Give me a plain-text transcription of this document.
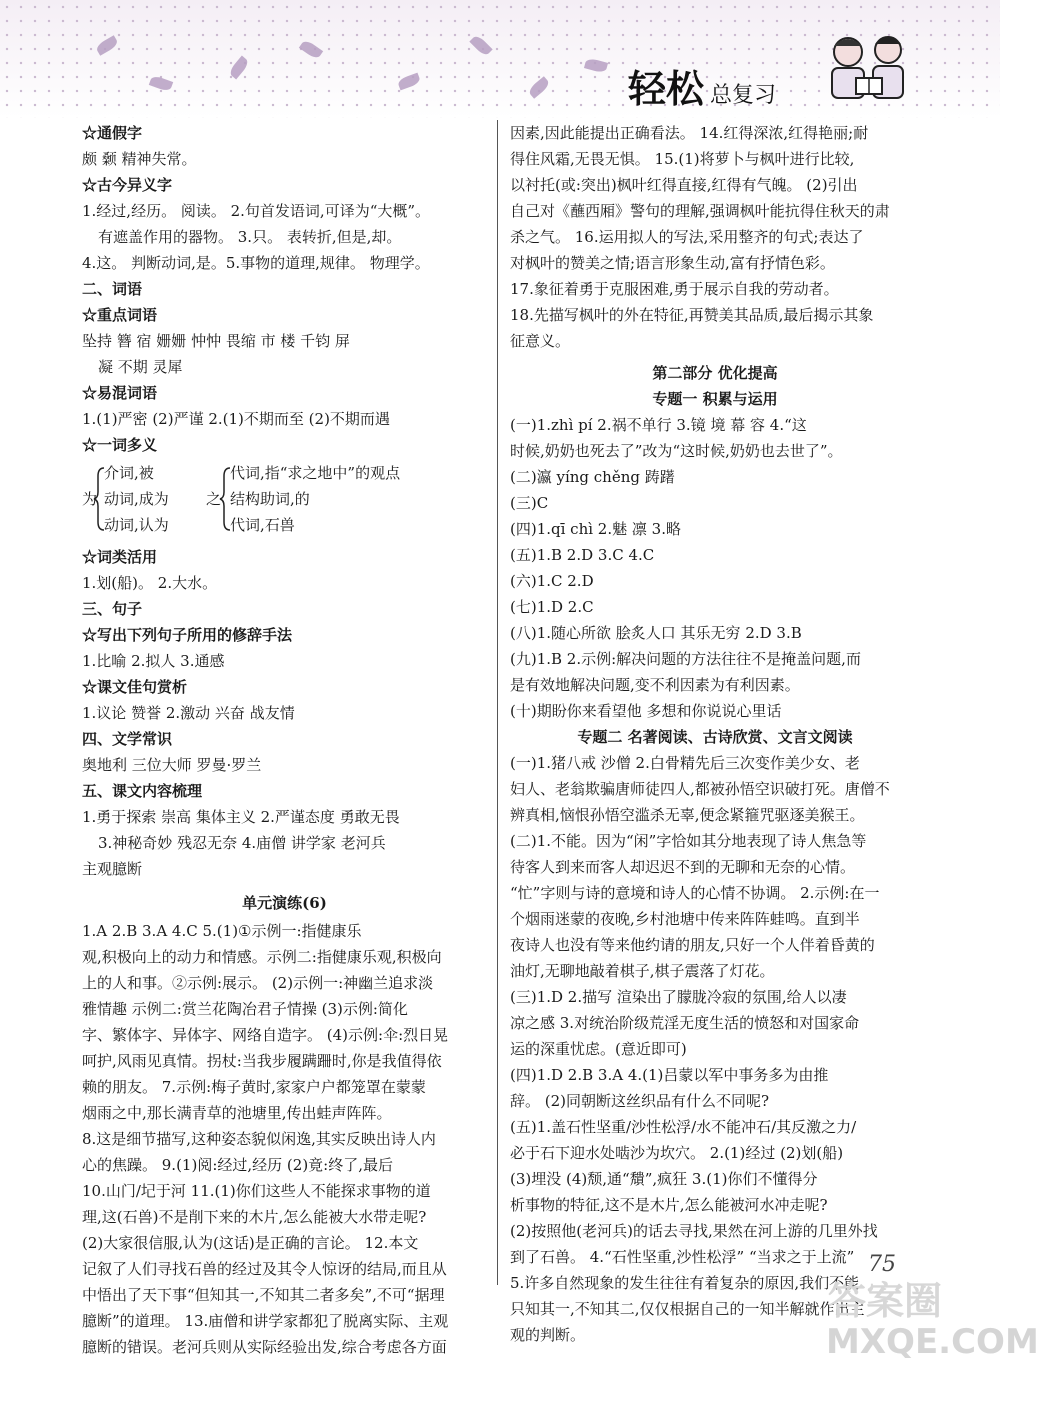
轻松 总复习

☆通假字

颇 颡 精神失常。

☆古今异义字

1.经过,经历。 阅读。 2.句首发语词,可译为“大概”。

有遮盖作用的器物。 3.只。 表转折,但是,却。

4.这。 判断动词,是。5.事物的道理,规律。 物理学。

二、词语

☆重点词语

坠持 簪 宿 姗姗 忡忡 畏缩 市 楼 千钧 屏

凝 不期 灵犀

☆易混词语

1.(1)严密 (2)严谨 2.(1)不期而至 (2)不期而遇

☆一词多义

为
介词,被
动词,成为
动词,认为
之
代词,指“求之地中”的观点
结构助词,的
代词,石兽

☆词类活用

1.划(船)。 2.大水。

三、句子

☆写出下列句子所用的修辞手法

1.比喻 2.拟人 3.通感

☆课文佳句赏析

1.议论 赞誉 2.激动 兴奋 战友情

四、文学常识

奥地利 三位大师 罗曼·罗兰

五、课文内容梳理

1.勇于探索 崇高 集体主义 2.严谨态度 勇敢无畏

3.神秘奇妙 残忍无奈 4.庙僧 讲学家 老河兵

主观臆断

单元演练(6)

1.A 2.B 3.A 4.C 5.(1)①示例一:指健康乐

观,积极向上的动力和情感。示例二:指健康乐观,积极向

上的人和事。②示例:展示。 (2)示例一:神幽兰追求淡

雅情趣 示例二:赏兰花陶冶君子情操 (3)示例:简化

字、繁体字、异体字、网络自造字。 (4)示例:伞:烈日晃

呵护,风雨见真情。拐杖:当我步履蹒跚时,你是我值得依

赖的朋友。 7.示例:梅子黄时,家家户户都笼罩在蒙蒙

烟雨之中,那长满青草的池塘里,传出蛙声阵阵。

8.这是细节描写,这种姿态貌似闲逸,其实反映出诗人内

心的焦躁。 9.(1)阅:经过,经历 (2)竟:终了,最后

10.山门/圮于河 11.(1)你们这些人不能探求事物的道

理,这(石兽)不是削下来的木片,怎么能被大水带走呢?

(2)大家很信服,认为(这话)是正确的言论。 12.本文

记叙了人们寻找石兽的经过及其令人惊讶的结局,而且从

中悟出了天下事“但知其一,不知其二者多矣”,不可“据理

臆断”的道理。 13.庙僧和讲学家都犯了脱离实际、主观

臆断的错误。老河兵则从实际经验出发,综合考虑各方面

因素,因此能提出正确看法。 14.红得深浓,红得艳丽;耐

得住风霜,无畏无惧。 15.(1)将萝卜与枫叶进行比较,

以衬托(或:突出)枫叶红得直接,红得有气魄。 (2)引出

自己对《蘸西厢》警句的理解,强调枫叶能抗得住秋天的肃

杀之气。 16.运用拟人的写法,采用整齐的句式;表达了

对枫叶的赞美之情;语言形象生动,富有抒情色彩。

17.象征着勇于克服困难,勇于展示自我的劳动者。

18.先描写枫叶的外在特征,再赞美其品质,最后揭示其象

征意义。

第二部分 优化提高

专题一 积累与运用

(一)1.zhì pí 2.祸不单行 3.镜 境 幕 容 4.“这

时候,奶奶也死去了”改为“这时候,奶奶也去世了”。

(二)瀛 yíng chěng 踌躇

(三)C

(四)1.qī chì 2.魅 凛 3.略

(五)1.B 2.D 3.C 4.C

(六)1.C 2.D

(七)1.D 2.C

(八)1.随心所欲 脍炙人口 其乐无穷 2.D 3.B

(九)1.B 2.示例:解决问题的方法往往不是掩盖问题,而

是有效地解决问题,变不利因素为有利因素。

(十)期盼你来看望他 多想和你说说心里话

专题二 名著阅读、古诗欣赏、文言文阅读

(一)1.猪八戒 沙僧 2.白骨精先后三次变作美少女、老

妇人、老翁欺骗唐师徒四人,都被孙悟空识破打死。唐僧不

辨真相,恼恨孙悟空滥杀无辜,便念紧箍咒驱逐美猴王。

(二)1.不能。因为“闲”字恰如其分地表现了诗人焦急等

待客人到来而客人却迟迟不到的无聊和无奈的心情。

“忙”字则与诗的意境和诗人的心情不协调。 2.示例:在一

个烟雨迷蒙的夜晚,乡村池塘中传来阵阵蛙鸣。直到半

夜诗人也没有等来他约请的朋友,只好一个人伴着昏黄的

油灯,无聊地敲着棋子,棋子震落了灯花。

(三)1.D 2.描写 渲染出了朦胧冷寂的氛围,给人以凄

凉之感 3.对统治阶级荒淫无度生活的愤怒和对国家命

运的深重忧虑。(意近即可)

(四)1.D 2.B 3.A 4.(1)吕蒙以军中事务多为由推

辞。 (2)同朝断这丝织品有什么不同呢?

(五)1.盖石性坚重/沙性松浮/水不能冲石/其反激之力/

必于石下迎水处啮沙为坎穴。 2.(1)经过 (2)划(船)

(3)埋没 (4)颓,通“穨”,疯狂 3.(1)你们不懂得分

析事物的特征,这不是木片,怎么能被河水冲走呢?

(2)按照他(老河兵)的话去寻找,果然在河上游的几里外找

到了石兽。 4.“石性坚重,沙性松浮” “当求之于上流”

5.许多自然现象的发生往往有着复杂的原因,我们不能

只知其一,不知其二,仅仅根据自己的一知半解就作出主

观的判断。

75
答案圈
MXQE.COM
